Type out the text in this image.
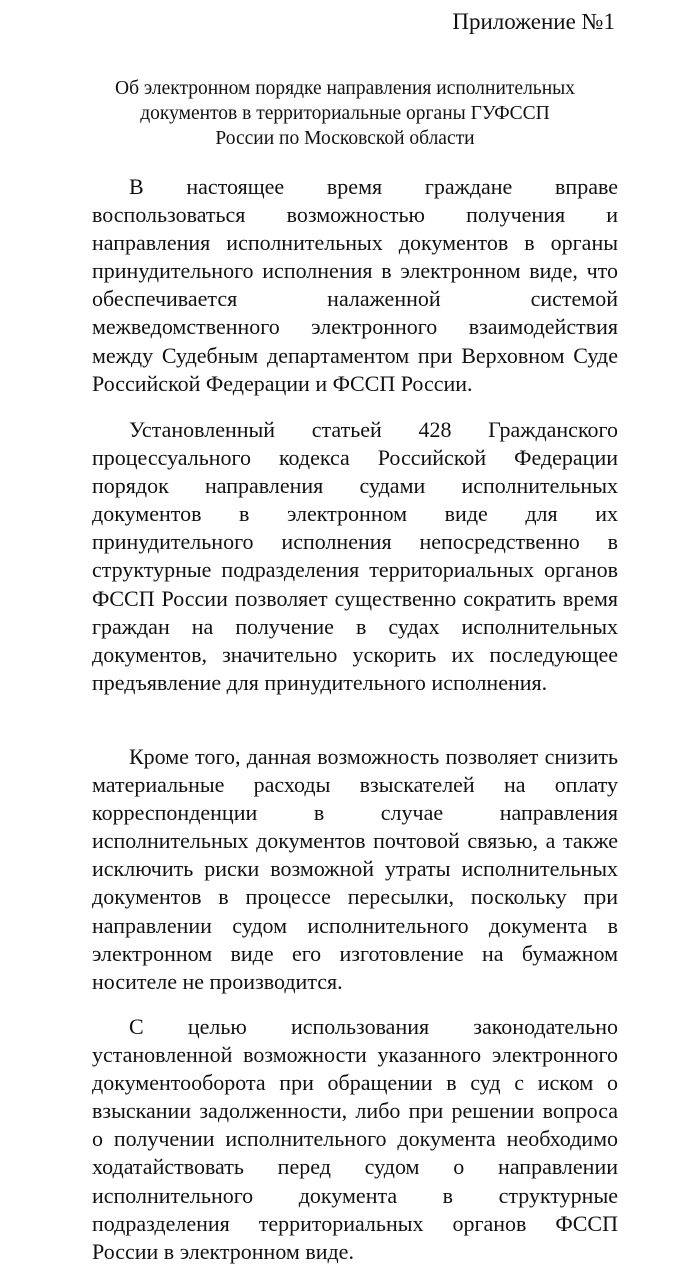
Приложение №1
Об электронном порядке направления исполнительных
документов в территориальные органы ГУФССП
России по Московской области

В настоящее время граждане вправе воспользоваться возможностью получения и направления исполнительных документов в органы принудительного исполнения в электронном виде, что обеспечивается налаженной системой межведомственного электронного взаимодействия между Судебным департаментом при Верховном Суде Российской Федерации и ФССП России.

Установленный статьей 428 Гражданского процессуального кодекса Российской Федерации порядок направления судами исполнительных документов в электронном виде для их принудительного исполнения непосредственно в структурные подразделения территориальных органов ФССП России позволяет существенно сократить время граждан на получение в судах исполнительных документов, значительно ускорить их последующее предъявление для принудительного исполнения.

Кроме того, данная возможность позволяет снизить материальные расходы взыскателей на оплату корреспонденции в случае направления исполнительных документов почтовой связью, а также исключить риски возможной утраты исполнительных документов в процессе пересылки, поскольку при направлении судом исполнительного документа в электронном виде его изготовление на бумажном носителе не производится.

С целью использования законодательно установленной возможности указанного электронного документооборота при обращении в суд с иском о взыскании задолженности, либо при решении вопроса о получении исполнительного документа необходимо ходатайствовать перед судом о направлении исполнительного документа в структурные подразделения территориальных органов ФССП России в электронном виде.
